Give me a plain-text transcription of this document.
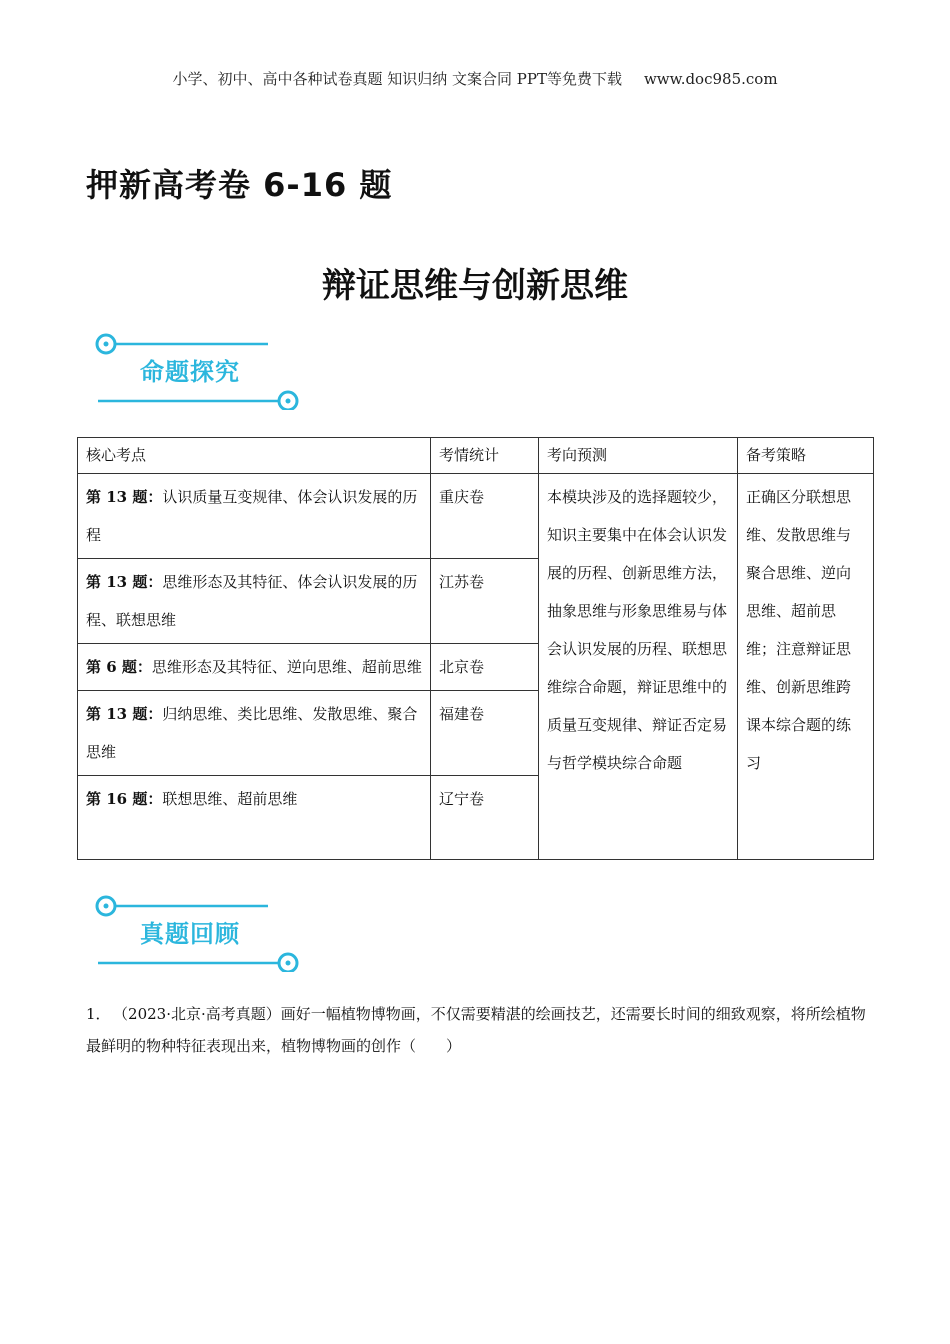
小学、初中、高中各种试卷真题 知识归纳 文案合同 PPT等免费下载 www.doc985.com
押新高考卷 6-16 题
辩证思维与创新思维
命题探究
核心考点	考情统计	考向预测	备考策略
第 13 题：认识质量互变规律、体会认识发展的历程	重庆卷	本模块涉及的选择题较少，知识主要集中在体会认识发展的历程、创新思维方法，抽象思维与形象思维易与体会认识发展的历程、联想思维综合命题，辩证思维中的质量互变规律、辩证否定易与哲学模块综合命题	正确区分联想思维、发散思维与聚合思维、逆向思维、超前思维；注意辩证思维、创新思维跨课本综合题的练习
第 13 题：思维形态及其特征、体会认识发展的历程、联想思维	江苏卷		
第 6 题：思维形态及其特征、逆向思维、超前思维	北京卷		
第 13 题：归纳思维、类比思维、发散思维、聚合思维	福建卷		
第 16 题：联想思维、超前思维	辽宁卷		
真题回顾
1． （2023·北京·高考真题）画好一幅植物博物画，不仅需要精湛的绘画技艺，还需要长时间的细致观察，将所绘植物最鲜明的物种特征表现出来，植物博物画的创作（　　）
